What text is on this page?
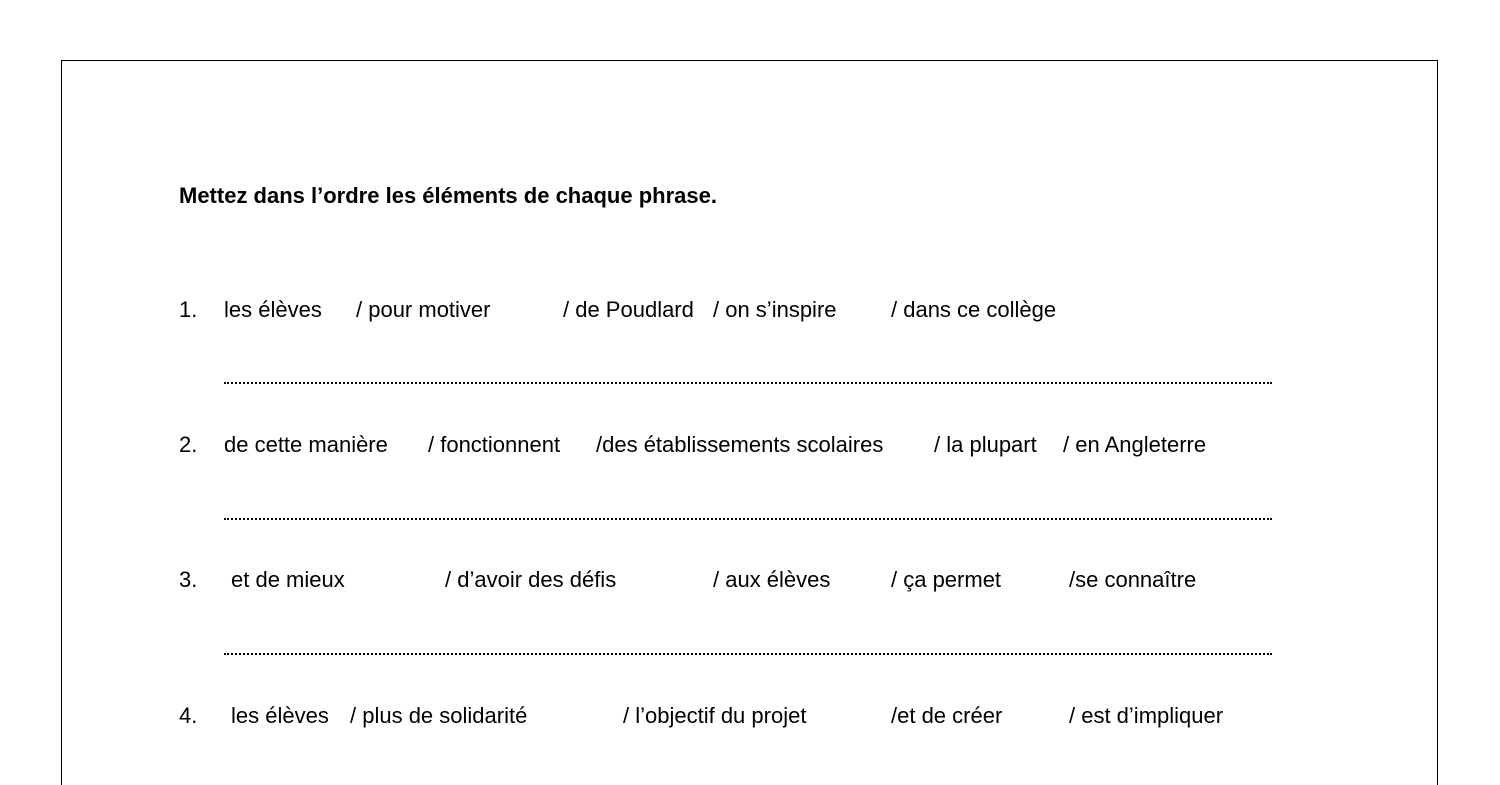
Mettez dans l’ordre les éléments de chaque phrase.

1. les élèves / pour motiver	/ de Poudlard / on s’inspire / dans ce collège
2. de cette manière / fonctionnent /des établissements scolaires / la plupart / en Angleterre
3. et de mieux	/ d’avoir des défis	/ aux élèves	/ ça permet	/se connaître
4. les élèves / plus de solidarité	/ l’objectif du projet	/et de créer	/ est d’impliquer
